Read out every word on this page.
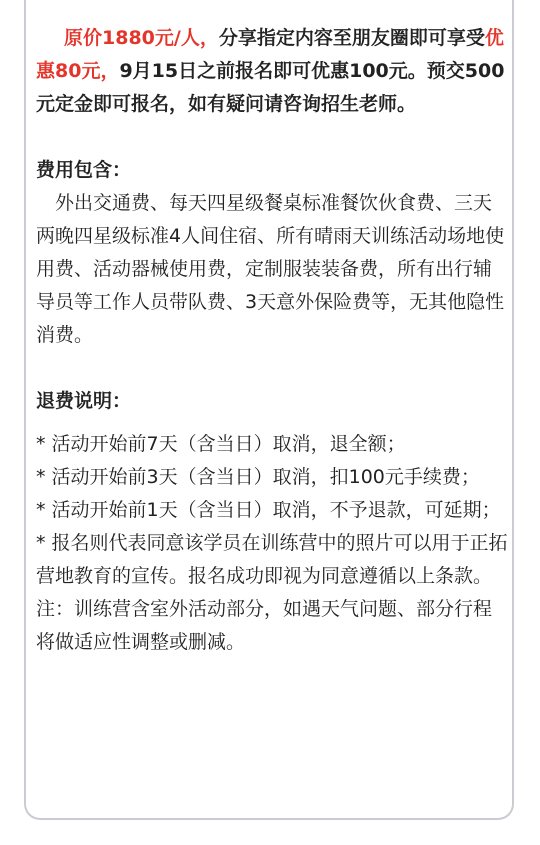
原价1880元/人，分享指定内容至朋友圈即可享受优惠80元，9月15日之前报名即可优惠100元。预交500元定金即可报名，如有疑问请咨询招生老师。

费用包含：

外出交通费、每天四星级餐桌标准餐饮伙食费、三天两晚四星级标准4人间住宿、所有晴雨天训练活动场地使用费、活动器械使用费，定制服装装备费，所有出行辅导员等工作人员带队费、3天意外保险费等，无其他隐性消费。

退费说明：

* 活动开始前7天（含当日）取消，退全额；

* 活动开始前3天（含当日）取消，扣100元手续费；

* 活动开始前1天（含当日）取消，不予退款，可延期；

* 报名则代表同意该学员在训练营中的照片可以用于正拓营地教育的宣传。报名成功即视为同意遵循以上条款。

注：训练营含室外活动部分，如遇天气问题、部分行程将做适应性调整或删减。
